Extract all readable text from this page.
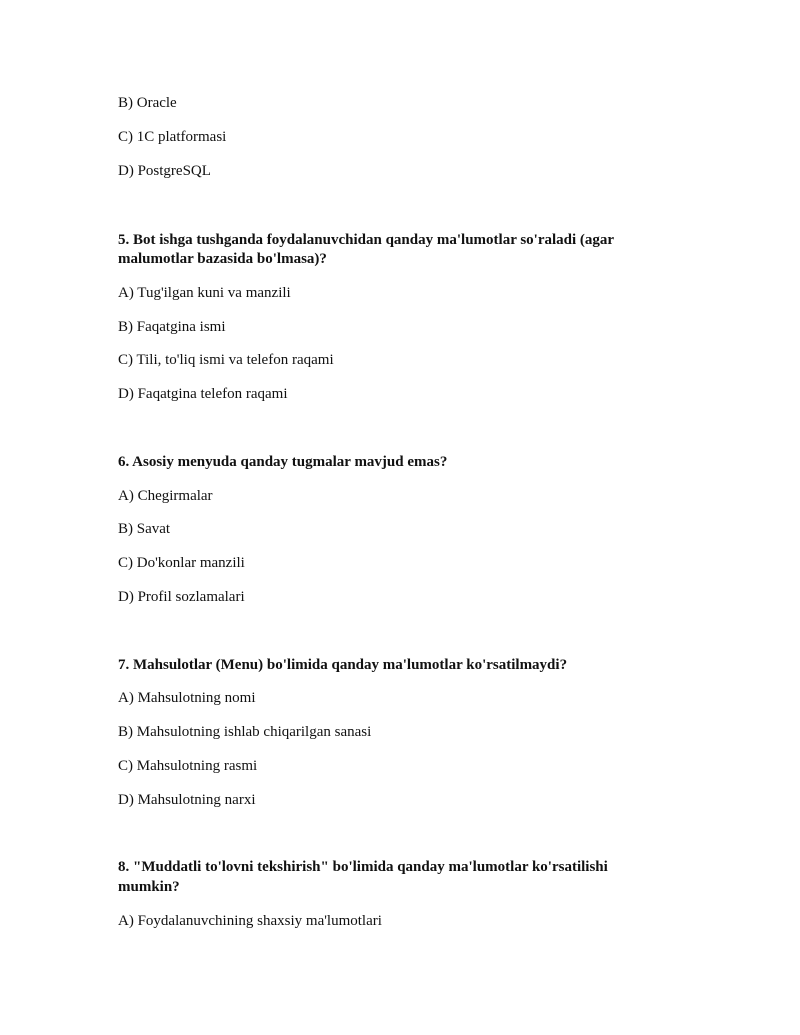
B) Oracle

C) 1C platformasi

D) PostgreSQL

5. Bot ishga tushganda foydalanuvchidan qanday ma'lumotlar so'raladi (agar

malumotlar bazasida bo'lmasa)?

A) Tug'ilgan kuni va manzili

B) Faqatgina ismi

C) Tili, to'liq ismi va telefon raqami

D) Faqatgina telefon raqami

6. Asosiy menyuda qanday tugmalar mavjud emas?

A) Chegirmalar

B) Savat

C) Do'konlar manzili

D) Profil sozlamalari

7. Mahsulotlar (Menu) bo'limida qanday ma'lumotlar ko'rsatilmaydi?

A) Mahsulotning nomi

B) Mahsulotning ishlab chiqarilgan sanasi

C) Mahsulotning rasmi

D) Mahsulotning narxi

8. "Muddatli to'lovni tekshirish" bo'limida qanday ma'lumotlar ko'rsatilishi

mumkin?

A) Foydalanuvchining shaxsiy ma'lumotlari
